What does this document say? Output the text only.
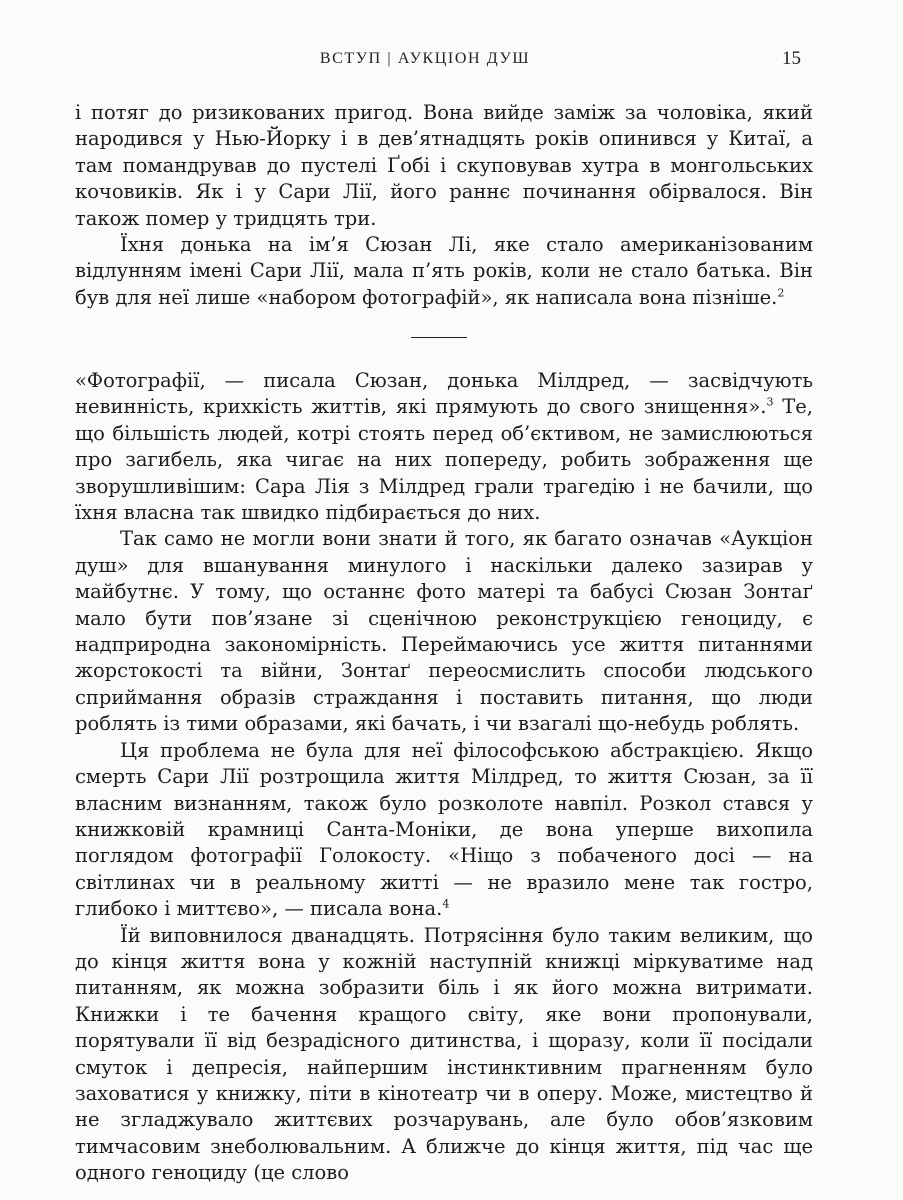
ВСТУП | АУКЦІОН ДУШ	15

і потяг до ризикованих пригод. Вона вийде заміж за чоловіка, який народився у Нью-Йорку і в дев’ятнадцять років опинився у Китаї, а там помандрував до пустелі Ґобі і скуповував хутра в монгольських кочовиків. Як і у Сари Лії, його раннє починання обірвалося. Він також помер у тридцять три.

Їхня донька на ім’я Сюзан Лі, яке стало американізованим відлунням імені Сари Лії, мала п’ять років, коли не стало батька. Він був для неї лише «набором фотографій», як написала вона пізніше.$^2$

«Фотографії, — писала Сюзан, донька Мілдред, — засвідчують невинність, крихкість життів, які прямують до свого знищення».$^3$ Те, що більшість людей, котрі стоять перед об’єктивом, не замислюються про загибель, яка чигає на них попереду, робить зображення ще зворушливішим: Сара Лія з Мілдред грали трагедію і не бачили, що їхня власна так швидко підбирається до них.

Так само не могли вони знати й того, як багато означав «Аукціон душ» для вшанування минулого і наскільки далеко зазирав у майбутнє. У тому, що останнє фото матері та бабусі Сюзан Зонтаґ мало бути пов’язане зі сценічною реконструкцією геноциду, є надприродна закономірність. Переймаючись усе життя питаннями жорстокості та війни, Зонтаґ переосмислить способи людського сприймання образів страждання і поставить питання, що люди роблять із тими образами, які бачать, і чи взагалі що-небудь роблять.

Ця проблема не була для неї філософською абстракцією. Якщо смерть Сари Лії розтрощила життя Мілдред, то життя Сюзан, за її власним визнанням, також було розколоте навпіл. Розкол стався у книжковій крамниці Санта-Моніки, де вона уперше вихопила поглядом фотографії Голокосту. «Ніщо з побаченого досі — на світлинах чи в реальному житті — не вразило мене так гостро, глибоко і миттєво», — писала вона.$^4$

Їй виповнилося дванадцять. Потрясіння було таким великим, що до кінця життя вона у кожній наступній книжці міркуватиме над питанням, як можна зобразити біль і як його можна витримати. Книжки і те бачення кращого світу, яке вони пропонували, порятували її від безрадісного дитинства, і щоразу, коли її посідали смуток і депресія, найпершим інстинктивним прагненням було заховатися у книжку, піти в кінотеатр чи в оперу. Може, мистецтво й не згладжувало життєвих розчарувань, але було обов’язковим тимчасовим знеболювальним. А ближче до кінця життя, під час ще одного геноциду (це слово
